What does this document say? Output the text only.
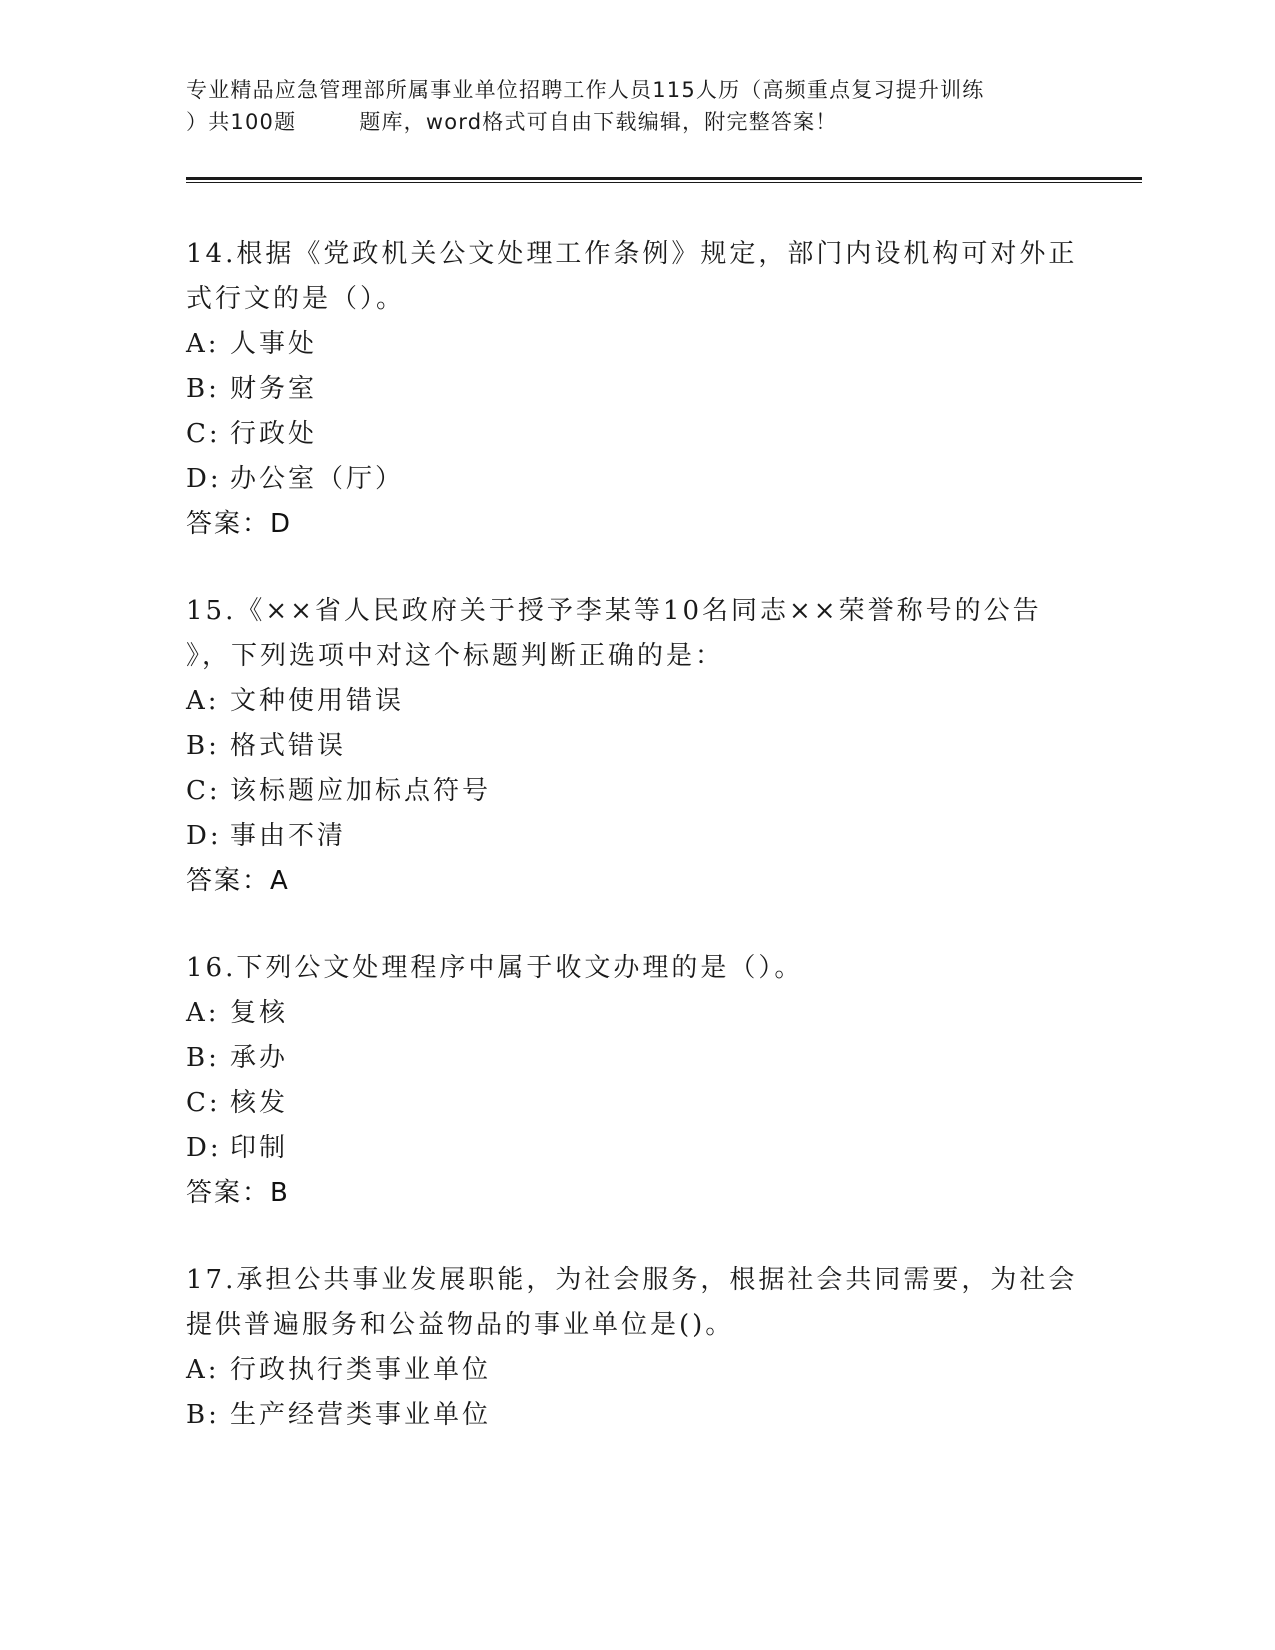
专业精品应急管理部所属事业单位招聘工作人员115人历（高频重点复习提升训练
）共100题        题库，word格式可自由下载编辑，附完整答案！
14.根据《党政机关公文处理工作条例》规定，部门内设机构可对外正
式行文的是（）。
A: 人事处
B: 财务室
C: 行政处
D: 办公室（厅）
答案：D
15.《××省人民政府关于授予李某等10名同志××荣誉称号的公告
》，下列选项中对这个标题判断正确的是：
A: 文种使用错误
B: 格式错误
C: 该标题应加标点符号
D: 事由不清
答案：A
16.下列公文处理程序中属于收文办理的是（）。
A: 复核
B: 承办
C: 核发
D: 印制
答案：B
17.承担公共事业发展职能，为社会服务，根据社会共同需要，为社会
提供普遍服务和公益物品的事业单位是()。
A: 行政执行类事业单位
B: 生产经营类事业单位
